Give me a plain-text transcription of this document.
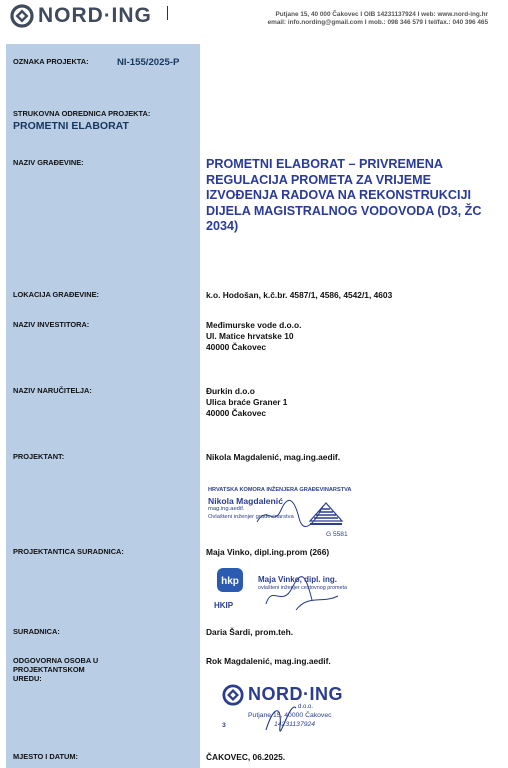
NORD·ING	Putjane 15, 40 000 Čakovec I OIB 14231137924 I web: www.nord-ing.hr
email: info.nording@gmail.com I mob.: 098 346 579 I tel/fax.: 040 396 465
OZNAKA PROJEKTA:	NI-155/2025-P
STRUKOVNA ODREDNICA PROJEKTA:
PROMETNI ELABORAT
NAZIV GRAĐEVINE:	PROMETNI ELABORAT – PRIVREMENA REGULACIJA PROMETA ZA VRIJEME IZVOĐENJA RADOVA NA REKONSTRUKCIJI DIJELA MAGISTRALNOG VODOVODA (D3, ŽC 2034)
LOKACIJA GRAĐEVINE:	k.o. Hodošan, k.č.br. 4587/1, 4586, 4542/1, 4603
NAZIV INVESTITORA:	Međimurske vode d.o.o.
Ul. Matice hrvatske 10
40000 Čakovec
NAZIV NARUČITELJA:	Đurkin d.o.o
Ulica braće Graner 1
40000 Čakovec
PROJEKTANT:	Nikola Magdalenić, mag.ing.aedif.
HRVATSKA KOMORA INŽENJERA GRAĐEVINARSTVA
Nikola Magdalenić
mag.ing.aedif.
Ovlašteni inženjer građevinarstva
G 5581
PROJEKTANTICA SURADNICA:	Maja Vinko, dipl.ing.prom (266)
hkp
HKIP
Maja Vinko, dipl. ing.
ovlašteni inženjer cestovnog prometa
SURADNICA:	Daria Šardi, prom.teh.
ODGOVORNA OSOBA U
PROJEKTANTSKOM
UREDU:
Rok Magdalenić, mag.ing.aedif.
NORD·ING
d.o.o.
Putjane 15, 40000 Čakovec
14231137924
3
MJESTO I DATUM:	ČAKOVEC, 06.2025.
